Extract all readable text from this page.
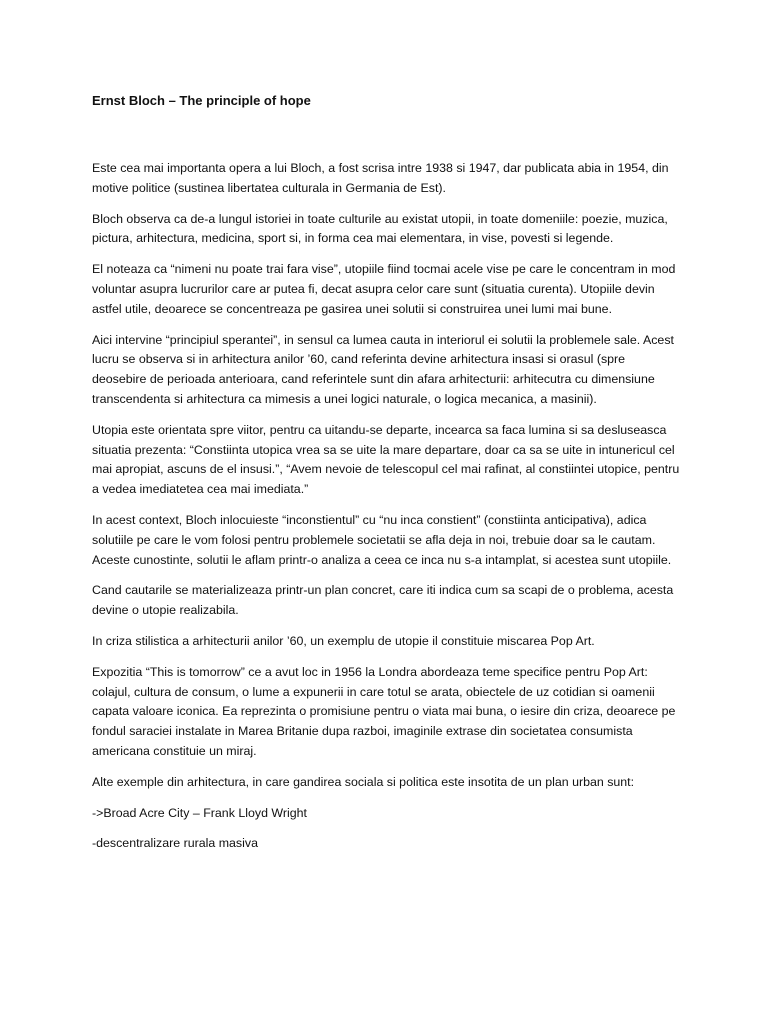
Ernst Bloch – The principle of hope

Este cea mai importanta opera a lui Bloch, a fost scrisa intre 1938 si 1947, dar publicata abia in 1954, din motive politice (sustinea libertatea culturala in Germania de Est).

Bloch observa ca de-a lungul istoriei in toate culturile au existat utopii, in toate domeniile: poezie, muzica, pictura, arhitectura, medicina, sport si, in forma cea mai elementara, in vise, povesti si legende.

El noteaza ca “nimeni nu poate trai fara vise”, utopiile fiind tocmai acele vise pe care le concentram in mod voluntar asupra lucrurilor care ar putea fi, decat asupra celor care sunt (situatia curenta). Utopiile devin astfel utile, deoarece se concentreaza pe gasirea unei solutii si construirea unei lumi mai bune.

Aici intervine “principiul sperantei”, in sensul ca lumea cauta in interiorul ei solutii la problemele sale. Acest lucru se observa si in arhitectura anilor ’60, cand referinta devine arhitectura insasi si orasul (spre deosebire de perioada anterioara, cand referintele sunt din afara arhitecturii: arhitecutra cu dimensiune transcendenta si arhitectura ca mimesis a unei logici naturale, o logica mecanica, a masinii).

Utopia este orientata spre viitor, pentru ca uitandu-se departe, incearca sa faca lumina si sa desluseasca situatia prezenta: “Constiinta utopica vrea sa se uite la mare departare, doar ca sa se uite in intunericul cel mai apropiat, ascuns de el insusi.”, “Avem nevoie de telescopul cel mai rafinat, al constiintei utopice, pentru a vedea imediatetea cea mai imediata.”

In acest context, Bloch inlocuieste “inconstientul” cu “nu inca constient” (constiinta anticipativa), adica solutiile pe care le vom folosi pentru problemele societatii se afla deja in noi, trebuie doar sa le cautam. Aceste cunostinte, solutii le aflam printr-o analiza a ceea ce inca nu s-a intamplat, si acestea sunt utopiile.

Cand cautarile se materializeaza printr-un plan concret, care iti indica cum sa scapi de o problema, acesta devine o utopie realizabila.

In criza stilistica a arhitecturii anilor ’60, un exemplu de utopie il constituie miscarea Pop Art.

Expozitia “This is tomorrow” ce a avut loc in 1956 la Londra abordeaza teme specifice pentru Pop Art: colajul, cultura de consum, o lume a expunerii in care totul se arata, obiectele de uz cotidian si oamenii capata valoare iconica. Ea reprezinta o promisiune pentru o viata mai buna, o iesire din criza, deoarece pe fondul saraciei instalate in Marea Britanie dupa razboi, imaginile extrase din societatea consumista americana constituie un miraj.

Alte exemple din arhitectura, in care gandirea sociala si politica este insotita de un plan urban sunt:

->Broad Acre City – Frank Lloyd Wright

-descentralizare rurala masiva
